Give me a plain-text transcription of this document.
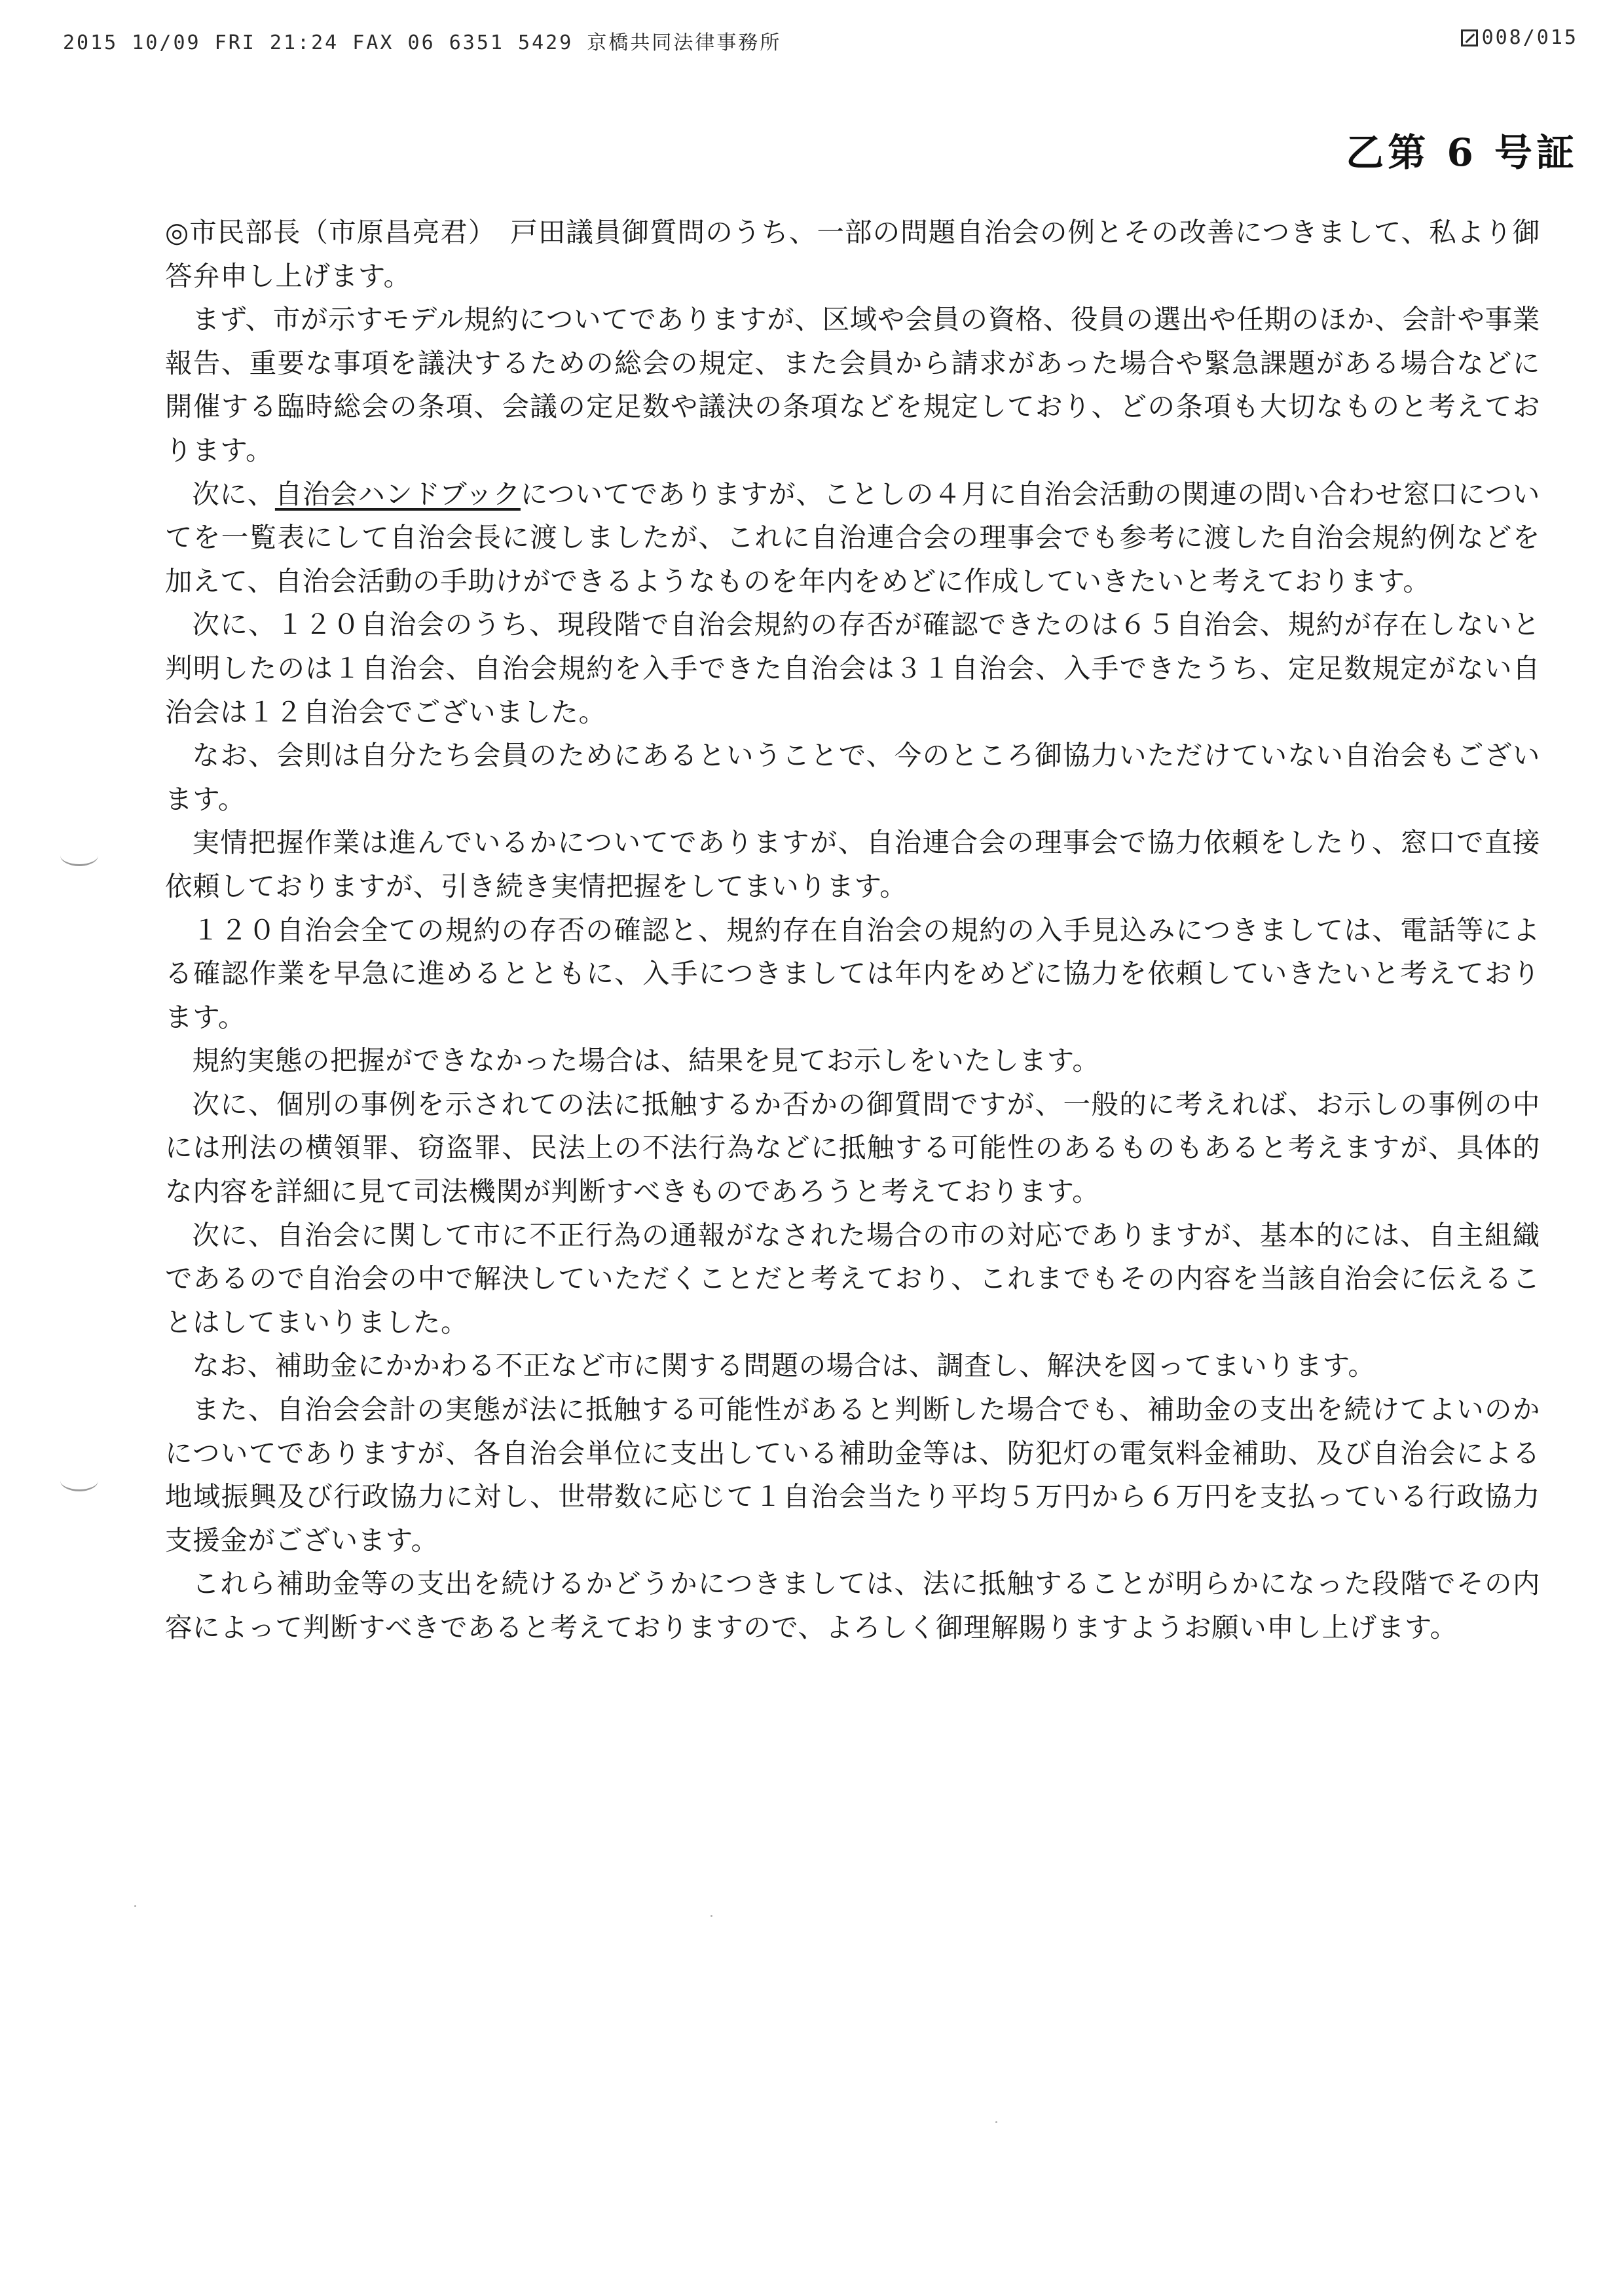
2015 10/09 FRI 21:24 FAX 06 6351 5429 京橋共同法律事務所	008/015
乙第 6 号証

◎市民部長（市原昌亮君）　戸田議員御質問のうち、一部の問題自治会の例とその改善につきまして、私より御答弁申し上げます。

まず、市が示すモデル規約についてでありますが、区域や会員の資格、役員の選出や任期のほか、会計や事業報告、重要な事項を議決するための総会の規定、また会員から請求があった場合や緊急課題がある場合などに開催する臨時総会の条項、会議の定足数や議決の条項などを規定しており、どの条項も大切なものと考えております。

次に、自治会ハンドブックについてでありますが、ことしの４月に自治会活動の関連の問い合わせ窓口についてを一覧表にして自治会長に渡しましたが、これに自治連合会の理事会でも参考に渡した自治会規約例などを加えて、自治会活動の手助けができるようなものを年内をめどに作成していきたいと考えております。

次に、１２０自治会のうち、現段階で自治会規約の存否が確認できたのは６５自治会、規約が存在しないと判明したのは１自治会、自治会規約を入手できた自治会は３１自治会、入手できたうち、定足数規定がない自治会は１２自治会でございました。

なお、会則は自分たち会員のためにあるということで、今のところ御協力いただけていない自治会もございます。

実情把握作業は進んでいるかについてでありますが、自治連合会の理事会で協力依頼をしたり、窓口で直接依頼しておりますが、引き続き実情把握をしてまいります。

１２０自治会全ての規約の存否の確認と、規約存在自治会の規約の入手見込みにつきましては、電話等による確認作業を早急に進めるとともに、入手につきましては年内をめどに協力を依頼していきたいと考えております。

規約実態の把握ができなかった場合は、結果を見てお示しをいたします。

次に、個別の事例を示されての法に抵触するか否かの御質問ですが、一般的に考えれば、お示しの事例の中には刑法の横領罪、窃盗罪、民法上の不法行為などに抵触する可能性のあるものもあると考えますが、具体的な内容を詳細に見て司法機関が判断すべきものであろうと考えております。

次に、自治会に関して市に不正行為の通報がなされた場合の市の対応でありますが、基本的には、自主組織であるので自治会の中で解決していただくことだと考えており、これまでもその内容を当該自治会に伝えることはしてまいりました。

なお、補助金にかかわる不正など市に関する問題の場合は、調査し、解決を図ってまいります。

また、自治会会計の実態が法に抵触する可能性があると判断した場合でも、補助金の支出を続けてよいのかについてでありますが、各自治会単位に支出している補助金等は、防犯灯の電気料金補助、及び自治会による地域振興及び行政協力に対し、世帯数に応じて１自治会当たり平均５万円から６万円を支払っている行政協力支援金がございます。

これら補助金等の支出を続けるかどうかにつきましては、法に抵触することが明らかになった段階でその内容によって判断すべきであると考えておりますので、よろしく御理解賜りますようお願い申し上げます。
